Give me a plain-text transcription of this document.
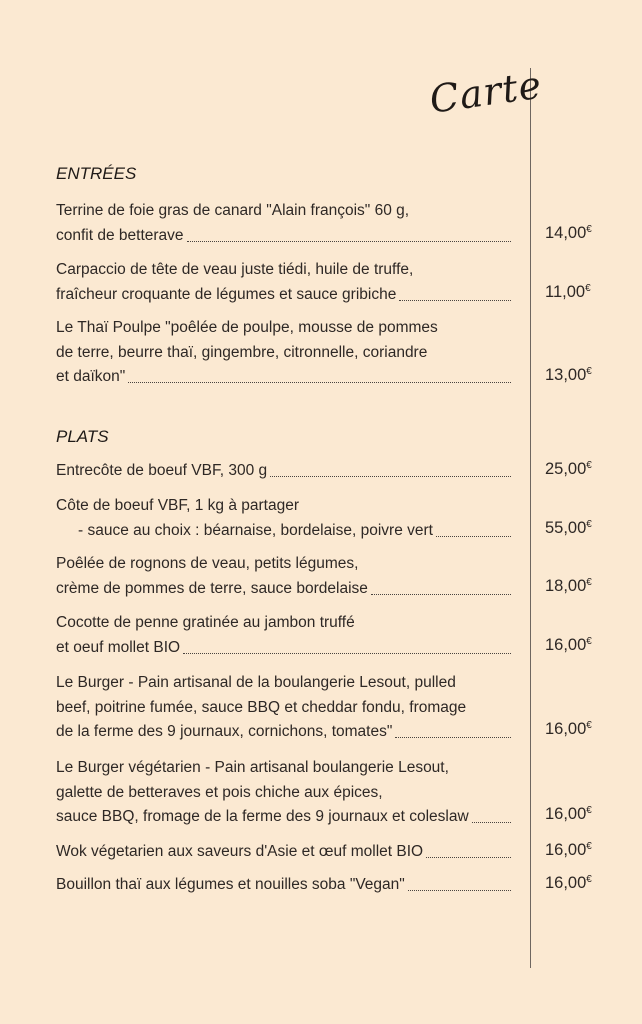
Carte
ENTRÉES
Terrine de foie gras de canard "Alain françois" 60 g,
confit de betterave	14,00€
Carpaccio de tête de veau juste tiédi, huile de truffe,
fraîcheur croquante de légumes et sauce gribiche	11,00€
Le Thaï Poulpe "poêlée de poulpe, mousse de pommes
de terre, beurre thaï, gingembre, citronnelle, coriandre
et daïkon"	13,00€
PLATS
Entrecôte de boeuf VBF, 300 g	25,00€
Côte de boeuf VBF, 1 kg à partager
- sauce au choix : béarnaise, bordelaise, poivre vert	55,00€
Poêlée de rognons de veau, petits légumes,
crème de pommes de terre, sauce bordelaise	18,00€
Cocotte de penne gratinée au jambon truffé
et oeuf mollet BIO	16,00€
Le Burger - Pain artisanal de la boulangerie Lesout, pulled
beef, poitrine fumée, sauce BBQ et cheddar fondu, fromage
de la ferme des 9 journaux, cornichons, tomates"	16,00€
Le Burger végétarien - Pain artisanal boulangerie Lesout,
galette de betteraves et pois chiche aux épices,
sauce BBQ, fromage de la ferme des 9 journaux et coleslaw	16,00€
Wok végetarien aux saveurs d'Asie et œuf mollet BIO	16,00€
Bouillon thaï aux légumes et nouilles soba "Vegan"	16,00€
